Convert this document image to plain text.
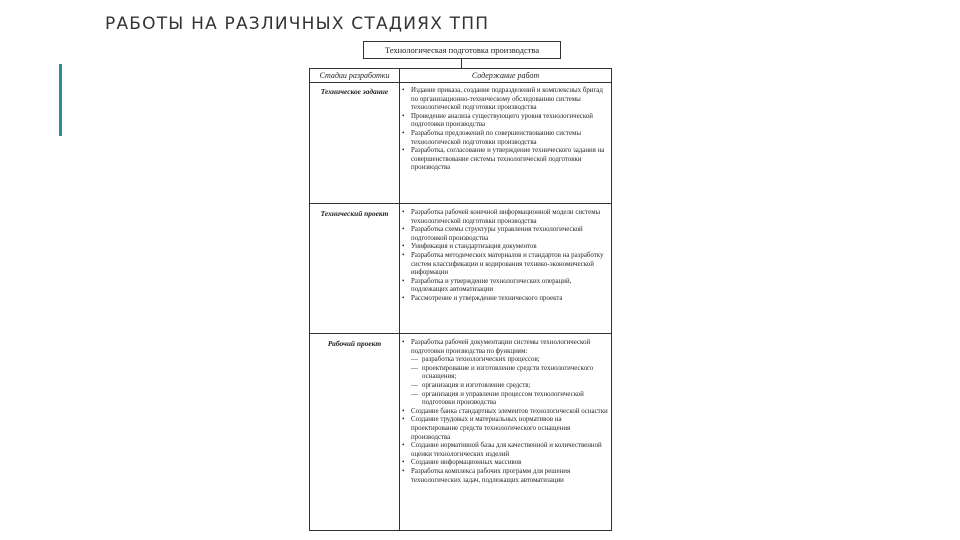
РАБОТЫ НА РАЗЛИЧНЫХ СТАДИЯХ ТПП
Технологическая подготовка производства
Стадии разработки	Содержание работ
Техническое задание	• Издание приказа, создание подразделений и комплексных бригад по организационно-техническому обследованию системы технологической подготовки производства
• Проведение анализа существующего уровня технологической подготовки производства
• Разработка предложений по совершенствованию системы технологической подготовки производства
• Разработка, согласование и утверждение технического задания на совершенствование системы технологической подготовки производства
Технический проект	• Разработка рабочей конечной информационной модели системы технологической подготовки производства
• Разработка схемы структуры управления технологической подготовкой производства
• Унификация и стандартизация документов
• Разработка методических материалов и стандартов на разработку систем классификации и кодирования технико-экономической информации
• Разработка и утверждение технологических операций, подлежащих автоматизации
• Рассмотрение и утверждение технического проекта
Рабочий проект	• Разработка рабочей документации системы технологической подготовки производства по функциям:
— разработка технологических процессов;
— проектирование и изготовление средств технологического оснащения;
— организация и изготовление средств;
— организация и управление процессом технологической подготовки производства
• Создание банка стандартных элементов технологической оснастки
• Создание трудовых и материальных нормативов на проектирование средств технологического оснащения производства
• Создание нормативной базы для качественной и количественной оценки технологических изделий
• Создание информационных массивов
• Разработка комплекса рабочих программ для решения технологических задач, подлежащих автоматизации
